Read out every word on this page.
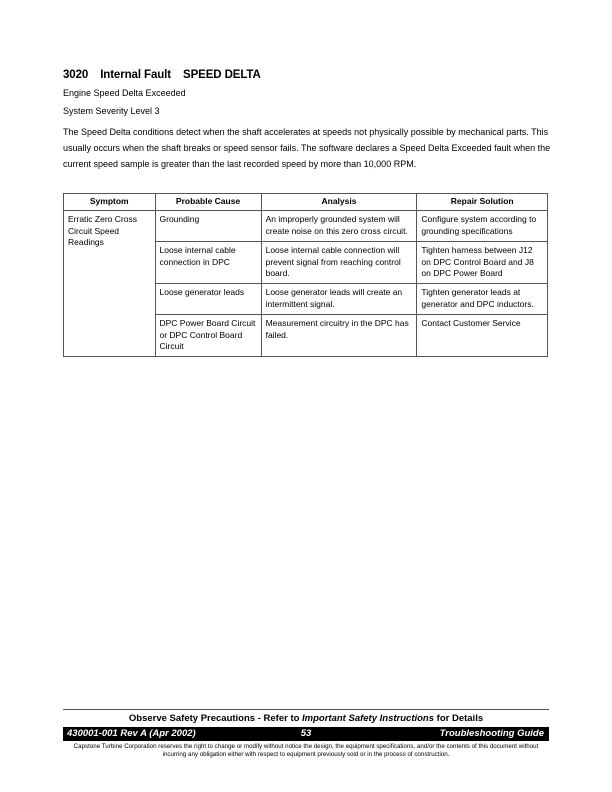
3020 Internal Fault SPEED DELTA
Engine Speed Delta Exceeded
System Severity Level 3
The Speed Delta conditions detect when the shaft accelerates at speeds not physically possible by mechanical parts. This usually occurs when the shaft breaks or speed sensor fails. The software declares a Speed Delta Exceeded fault when the current speed sample is greater than the last recorded speed by more than 10,000 RPM.
Symptom	Probable Cause	Analysis	Repair Solution
Erratic Zero Cross Circuit Speed Readings	Grounding	An improperly grounded system will create noise on this zero cross circuit.	Configure system according to grounding specifications
	Loose internal cable connection in DPC	Loose internal cable connection will prevent signal from reaching control board.	Tighten harness between J12 on DPC Control Board and J8 on DPC Power Board
	Loose generator leads	Loose generator leads will create an intermittent signal.	Tighten generator leads at generator and DPC inductors.
	DPC Power Board Circuit or DPC Control Board Circuit	Measurement circuitry in the DPC has failed.	Contact Customer Service
Observe Safety Precautions - Refer to Important Safety Instructions for Details
430001-001 Rev A (Apr 2002)	53	Troubleshooting Guide
Capstone Turbine Corporation reserves the right to change or modify without notice the design, the equipment specifications, and/or the contents of this document without incurring any obligation either with respect to equipment previously sold or in the process of construction.
